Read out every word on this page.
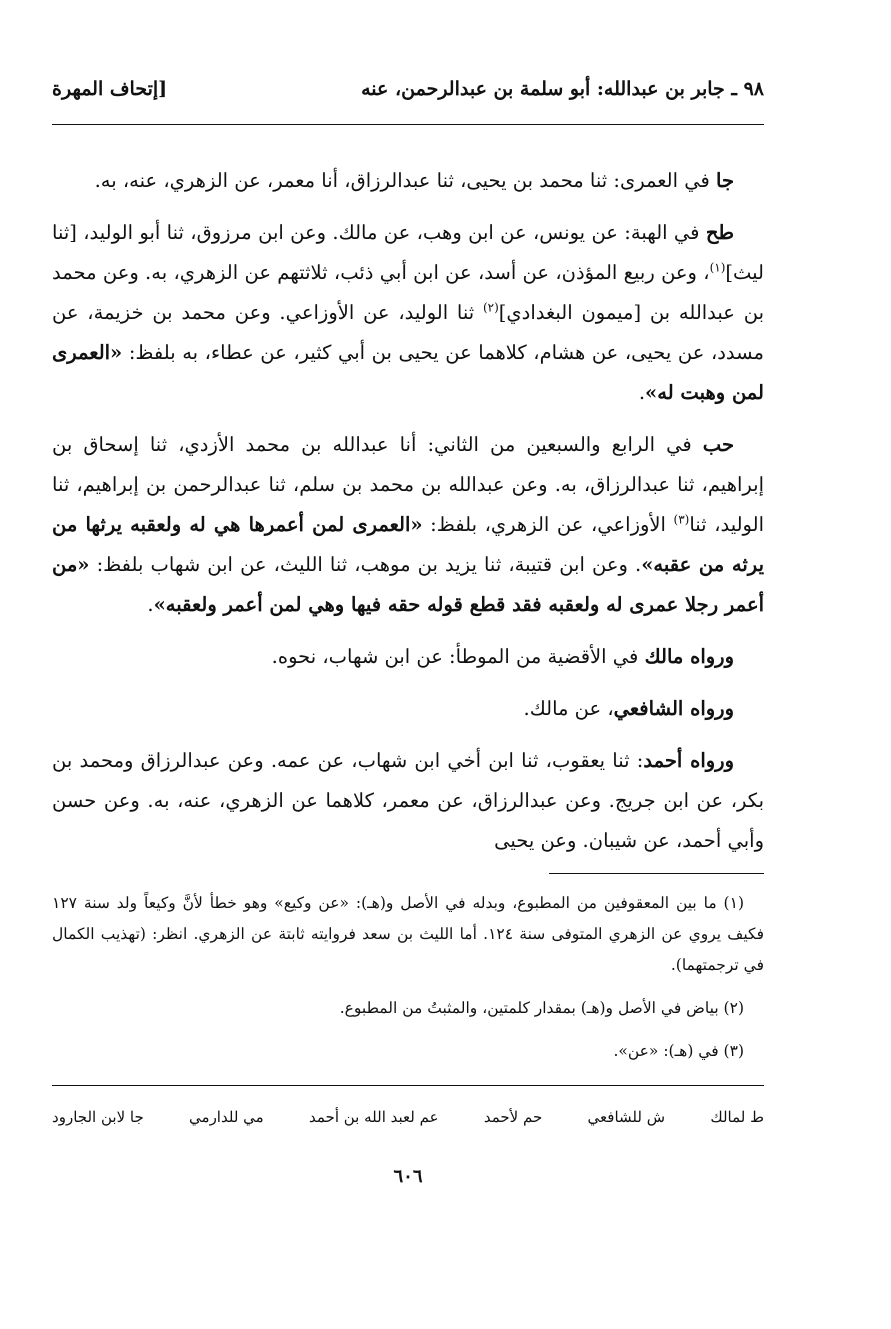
٩٨ ـ جابر بن عبدالله: أبو سلمة بن عبدالرحمن، عنه
[إتحاف المهرة

جا في العمرى: ثنا محمد بن يحيى، ثنا عبدالرزاق، أنا معمر، عن الزهري، عنه، به.

طح في الهبة: عن يونس، عن ابن وهب، عن مالك. وعن ابن مرزوق، ثنا أبو الوليد، [ثنا ليث]$^{(١)}$، وعن ربيع المؤذن، عن أسد، عن ابن أبي ذئب، ثلاثتهم عن الزهري، به. وعن محمد بن عبدالله بن [ميمون البغدادي]$^{(٢)}$ ثنا الوليد، عن الأوزاعي. وعن محمد بن خزيمة، عن مسدد، عن يحيى، عن هشام، كلاهما عن يحيى بن أبي كثير، عن عطاء، به بلفظ: «العمرى لمن وهبت له».

حب في الرابع والسبعين من الثاني: أنا عبدالله بن محمد الأزدي، ثنا إسحاق بن إبراهيم، ثنا عبدالرزاق، به. وعن عبدالله بن محمد بن سلم، ثنا عبدالرحمن بن إبراهيم، ثنا الوليد، ثنا$^{(٣)}$ الأوزاعي، عن الزهري، بلفظ: «العمرى لمن أعمرها هي له ولعقبه يرثها من يرثه من عقبه». وعن ابن قتيبة، ثنا يزيد بن موهب، ثنا الليث، عن ابن شهاب بلفظ: «من أعمر رجلا عمرى له ولعقبه فقد قطع قوله حقه فيها وهي لمن أعمر ولعقبه».

ورواه مالك في الأقضية من الموطأ: عن ابن شهاب، نحوه.

ورواه الشافعي، عن مالك.

ورواه أحمد: ثنا يعقوب، ثنا ابن أخي ابن شهاب، عن عمه. وعن عبدالرزاق ومحمد بن بكر، عن ابن جريج. وعن عبدالرزاق، عن معمر، كلاهما عن الزهري، عنه، به. وعن حسن وأبي أحمد، عن شيبان. وعن يحيى

(١) ما بين المعقوفين من المطبوع، وبدله في الأصل و(هـ): «عن وكيع» وهو خطأ لأنَّ وكيعاً ولد سنة ١٢٧ فكيف يروي عن الزهري المتوفى سنة ١٢٤. أما الليث بن سعد فروايته ثابتة عن الزهري. انظر: (تهذيب الكمال في ترجمتهما).

(٢) بياض في الأصل و(هـ) بمقدار كلمتين، والمثبتُ من المطبوع.

(٣) في (هـ): «عن».

ط لمالك
ش للشافعي
حم لأحمد
عم لعبد الله بن أحمد
مي للدارمي
جا لابن الجارود
٦٠٦
